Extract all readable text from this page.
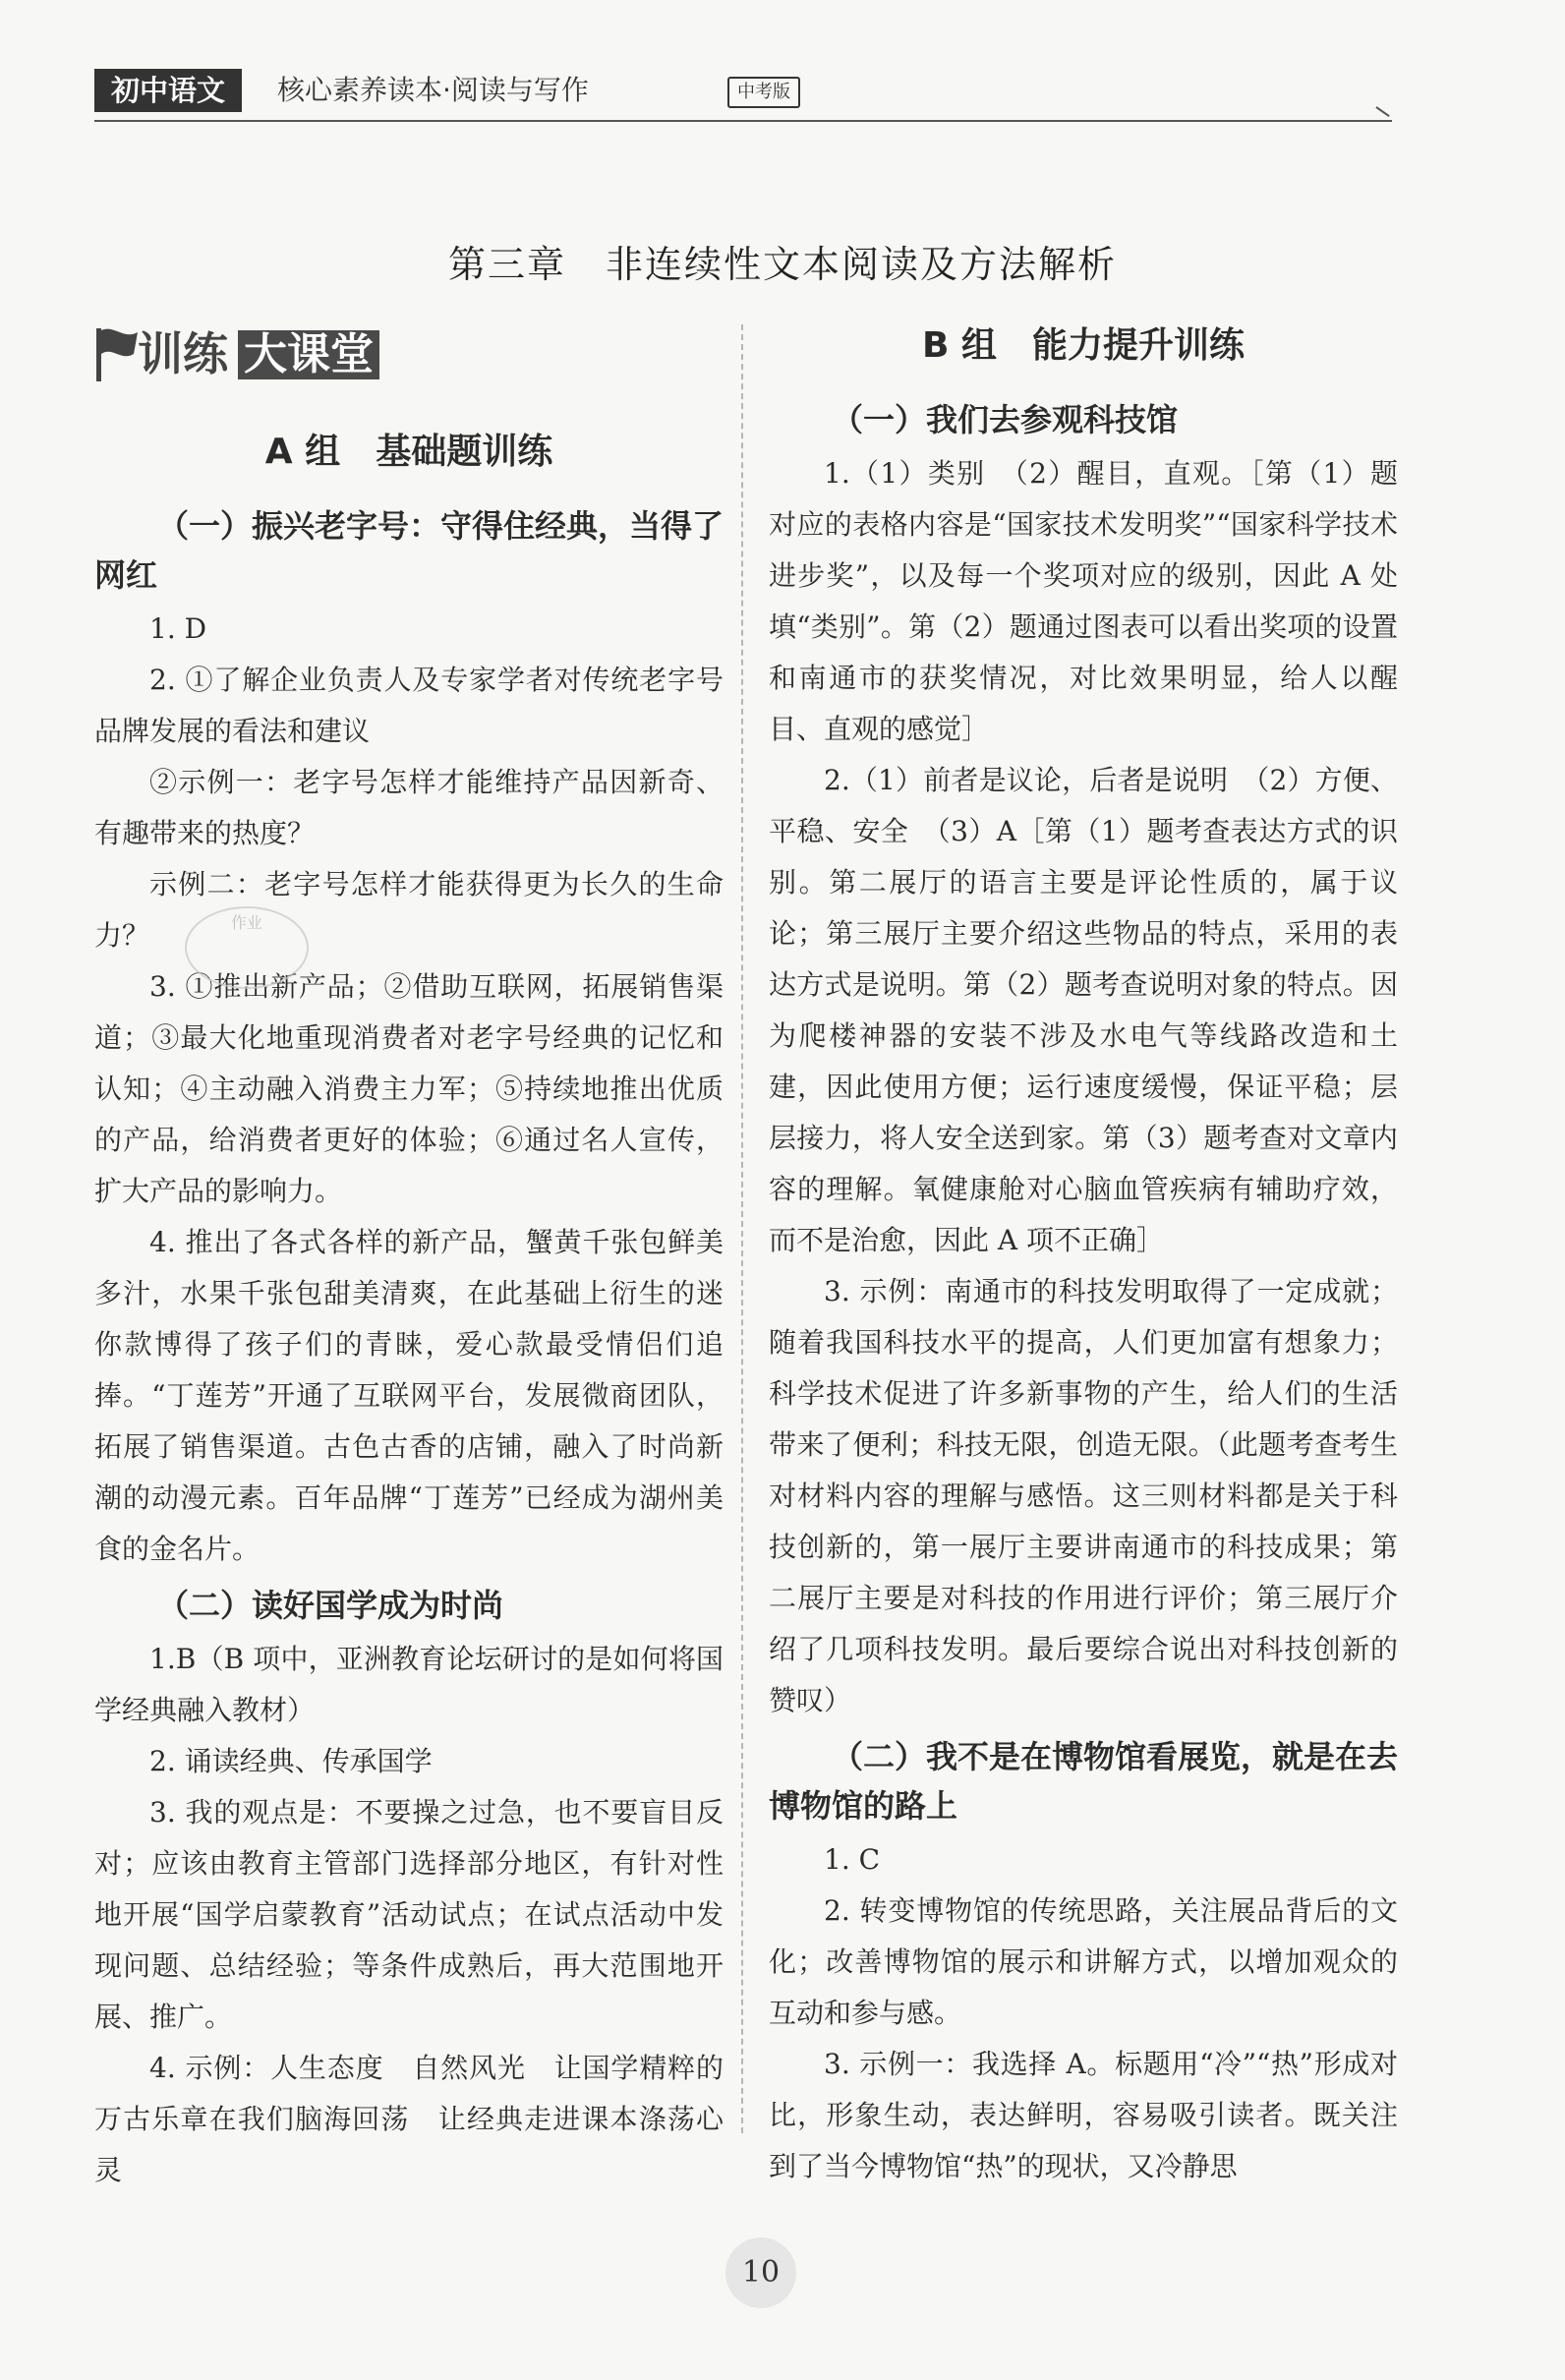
初中语文	核心素养读本·阅读与写作	中考版
第三章　非连续性文本阅读及方法解析
训练 大课堂
A 组　基础题训练
（一）振兴老字号：守得住经典，当得了网红

1. D

2. ①了解企业负责人及专家学者对传统老字号品牌发展的看法和建议

②示例一：老字号怎样才能维持产品因新奇、有趣带来的热度？

示例二：老字号怎样才能获得更为长久的生命力？

3. ①推出新产品；②借助互联网，拓展销售渠道；③最大化地重现消费者对老字号经典的记忆和认知；④主动融入消费主力军；⑤持续地推出优质的产品，给消费者更好的体验；⑥通过名人宣传，扩大产品的影响力。

4. 推出了各式各样的新产品，蟹黄千张包鲜美多汁，水果千张包甜美清爽，在此基础上衍生的迷你款博得了孩子们的青睐，爱心款最受情侣们追捧。“丁莲芳”开通了互联网平台，发展微商团队，拓展了销售渠道。古色古香的店铺，融入了时尚新潮的动漫元素。百年品牌“丁莲芳”已经成为湖州美食的金名片。

（二）读好国学成为时尚

1.B（B 项中，亚洲教育论坛研讨的是如何将国学经典融入教材）

2. 诵读经典、传承国学

3. 我的观点是：不要操之过急，也不要盲目反对；应该由教育主管部门选择部分地区，有针对性地开展“国学启蒙教育”活动试点；在试点活动中发现问题、总结经验；等条件成熟后，再大范围地开展、推广。

4. 示例：人生态度　自然风光　让国学精粹的万古乐章在我们脑海回荡　让经典走进课本涤荡心灵

作业
B 组　能力提升训练
（一）我们去参观科技馆

1.（1）类别　（2）醒目，直观。［第（1）题对应的表格内容是“国家技术发明奖”“国家科学技术进步奖”，以及每一个奖项对应的级别，因此 A 处填“类别”。第（2）题通过图表可以看出奖项的设置和南通市的获奖情况，对比效果明显，给人以醒目、直观的感觉］

2.（1）前者是议论，后者是说明　（2）方便、平稳、安全　（3）A［第（1）题考查表达方式的识别。第二展厅的语言主要是评论性质的，属于议论；第三展厅主要介绍这些物品的特点，采用的表达方式是说明。第（2）题考查说明对象的特点。因为爬楼神器的安装不涉及水电气等线路改造和土建，因此使用方便；运行速度缓慢，保证平稳；层层接力，将人安全送到家。第（3）题考查对文章内容的理解。氧健康舱对心脑血管疾病有辅助疗效，而不是治愈，因此 A 项不正确］

3. 示例：南通市的科技发明取得了一定成就；随着我国科技水平的提高，人们更加富有想象力；科学技术促进了许多新事物的产生，给人们的生活带来了便利；科技无限，创造无限。（此题考查考生对材料内容的理解与感悟。这三则材料都是关于科技创新的，第一展厅主要讲南通市的科技成果；第二展厅主要是对科技的作用进行评价；第三展厅介绍了几项科技发明。最后要综合说出对科技创新的赞叹）

（二）我不是在博物馆看展览，就是在去博物馆的路上

1. C

2. 转变博物馆的传统思路，关注展品背后的文化；改善博物馆的展示和讲解方式，以增加观众的互动和参与感。

3. 示例一：我选择 A。标题用“冷”“热”形成对比，形象生动，表达鲜明，容易吸引读者。既关注到了当今博物馆“热”的现状，又冷静思

10
